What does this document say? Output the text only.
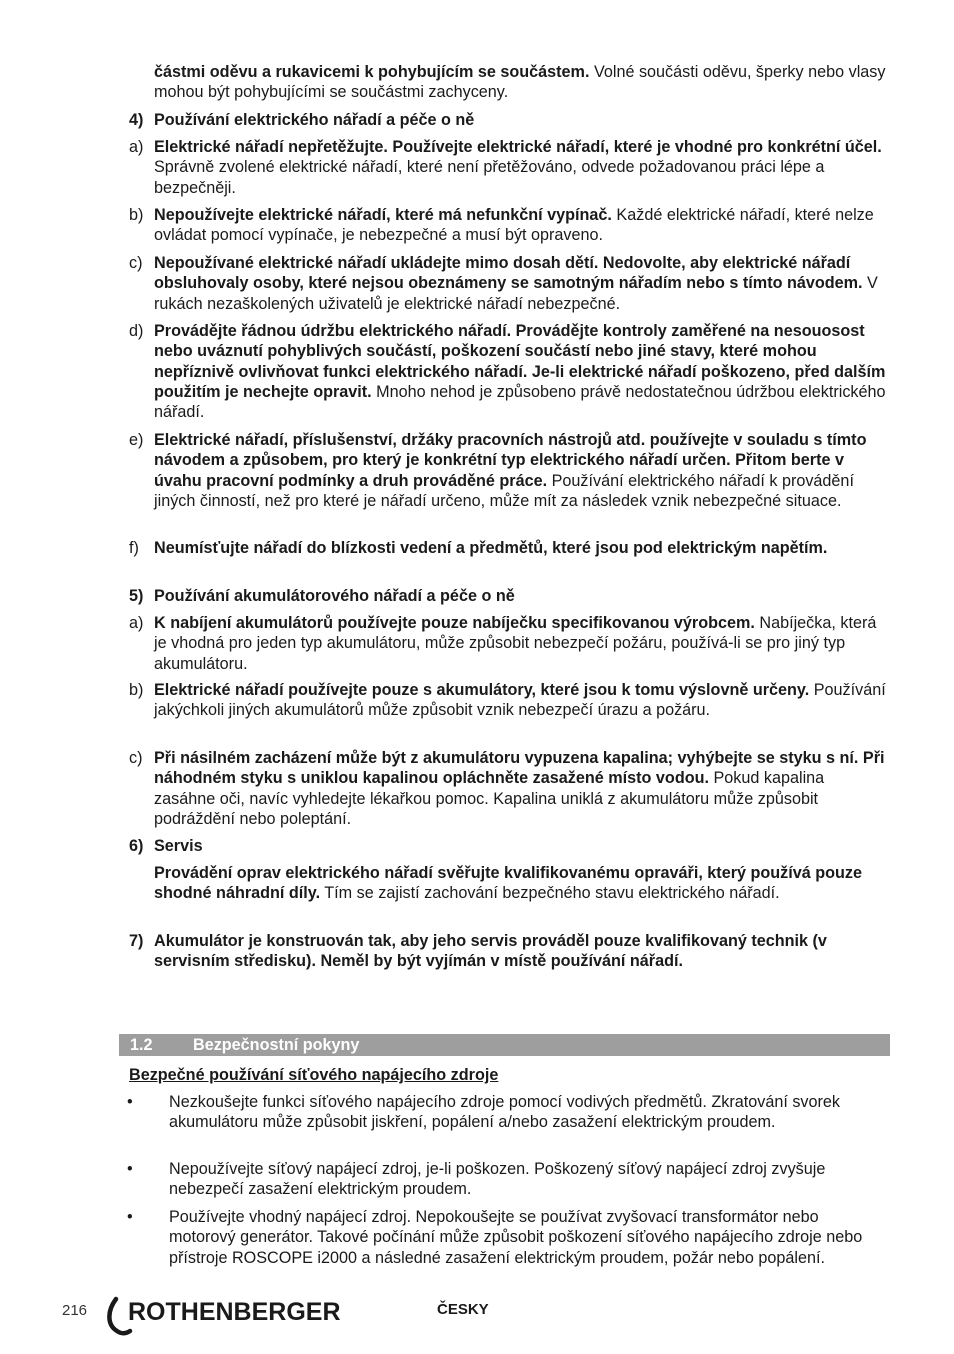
částmi oděvu a rukavicemi k pohybujícím se součástem. Volné součásti oděvu, šperky nebo vlasy mohou být pohybujícími se součástmi zachyceny.

4) Používání elektrického nářadí a péče o ně
a) Elektrické nářadí nepřetěžujte. Používejte elektrické nářadí, které je vhodné pro konkrétní účel. Správně zvolené elektrické nářadí, které není přetěžováno, odvede požadovanou práci lépe a bezpečněji.

b) Nepoužívejte elektrické nářadí, které má nefunkční vypínač. Každé elektrické nářadí, které nelze ovládat pomocí vypínače, je nebezpečné a musí být opraveno.

c) Nepoužívané elektrické nářadí ukládejte mimo dosah dětí. Nedovolte, aby elektrické nářadí obsluhovaly osoby, které nejsou obeznámeny se samotným nářadím nebo s tímto návodem. V rukách nezaškolených uživatelů je elektrické nářadí nebezpečné.

d) Provádějte řádnou údržbu elektrického nářadí. Provádějte kontroly zaměřené na nesouosost nebo uváznutí pohyblivých součástí, poškození součástí nebo jiné stavy, které mohou nepříznivě ovlivňovat funkci elektrického nářadí. Je-li elektrické nářadí poškozeno, před dalším použitím je nechejte opravit. Mnoho nehod je způsobeno právě nedostatečnou údržbou elektrického nářadí.

e) Elektrické nářadí, příslušenství, držáky pracovních nástrojů atd. používejte v souladu s tímto návodem a způsobem, pro který je konkrétní typ elektrického nářadí určen. Přitom berte v úvahu pracovní podmínky a druh prováděné práce. Používání elektrického nářadí k provádění jiných činností, než pro které je nářadí určeno, může mít za následek vznik nebezpečné situace.

f) Neumísťujte nářadí do blízkosti vedení a předmětů, které jsou pod elektrickým napětím.

5) Používání akumulátorového nářadí a péče o ně
a) K nabíjení akumulátorů používejte pouze nabíječku specifikovanou výrobcem. Nabíječka, která je vhodná pro jeden typ akumulátoru, může způsobit nebezpečí požáru, používá-li se pro jiný typ akumulátoru.

b) Elektrické nářadí používejte pouze s akumulátory, které jsou k tomu výslovně určeny. Používání jakýchkoli jiných akumulátorů může způsobit vznik nebezpečí úrazu a požáru.

c) Při násilném zacházení může být z akumulátoru vypuzena kapalina; vyhýbejte se styku s ní. Při náhodném styku s uniklou kapalinou opláchněte zasažené místo vodou. Pokud kapalina zasáhne oči, navíc vyhledejte lékařkou pomoc. Kapalina uniklá z akumulátoru může způsobit podráždění nebo poleptání.

6) Servis

Provádění oprav elektrického nářadí svěřujte kvalifikovanému opraváři, který používá pouze shodné náhradní díly. Tím se zajistí zachování bezpečného stavu elektrického nářadí.

7) Akumulátor je konstruován tak, aby jeho servis prováděl pouze kvalifikovaný technik (v servisním středisku). Neměl by být vyjímán v místě používání nářadí.

1.2 Bezpečnostní pokyny
Bezpečné používání síťového napájecího zdroje
• Nezkoušejte funkci síťového napájecího zdroje pomocí vodivých předmětů. Zkratování svorek akumulátoru může způsobit jiskření, popálení a/nebo zasažení elektrickým proudem.

• Nepoužívejte síťový napájecí zdroj, je-li poškozen. Poškozený síťový napájecí zdroj zvyšuje nebezpečí zasažení elektrickým proudem.

• Používejte vhodný napájecí zdroj. Nepokoušejte se používat zvyšovací transformátor nebo motorový generátor. Takové počínání může způsobit poškození síťového napájecího zdroje nebo přístroje ROSCOPE i2000 a následné zasažení elektrickým proudem, požár nebo popálení.

216 ROTHENBERGER	ČESKY
